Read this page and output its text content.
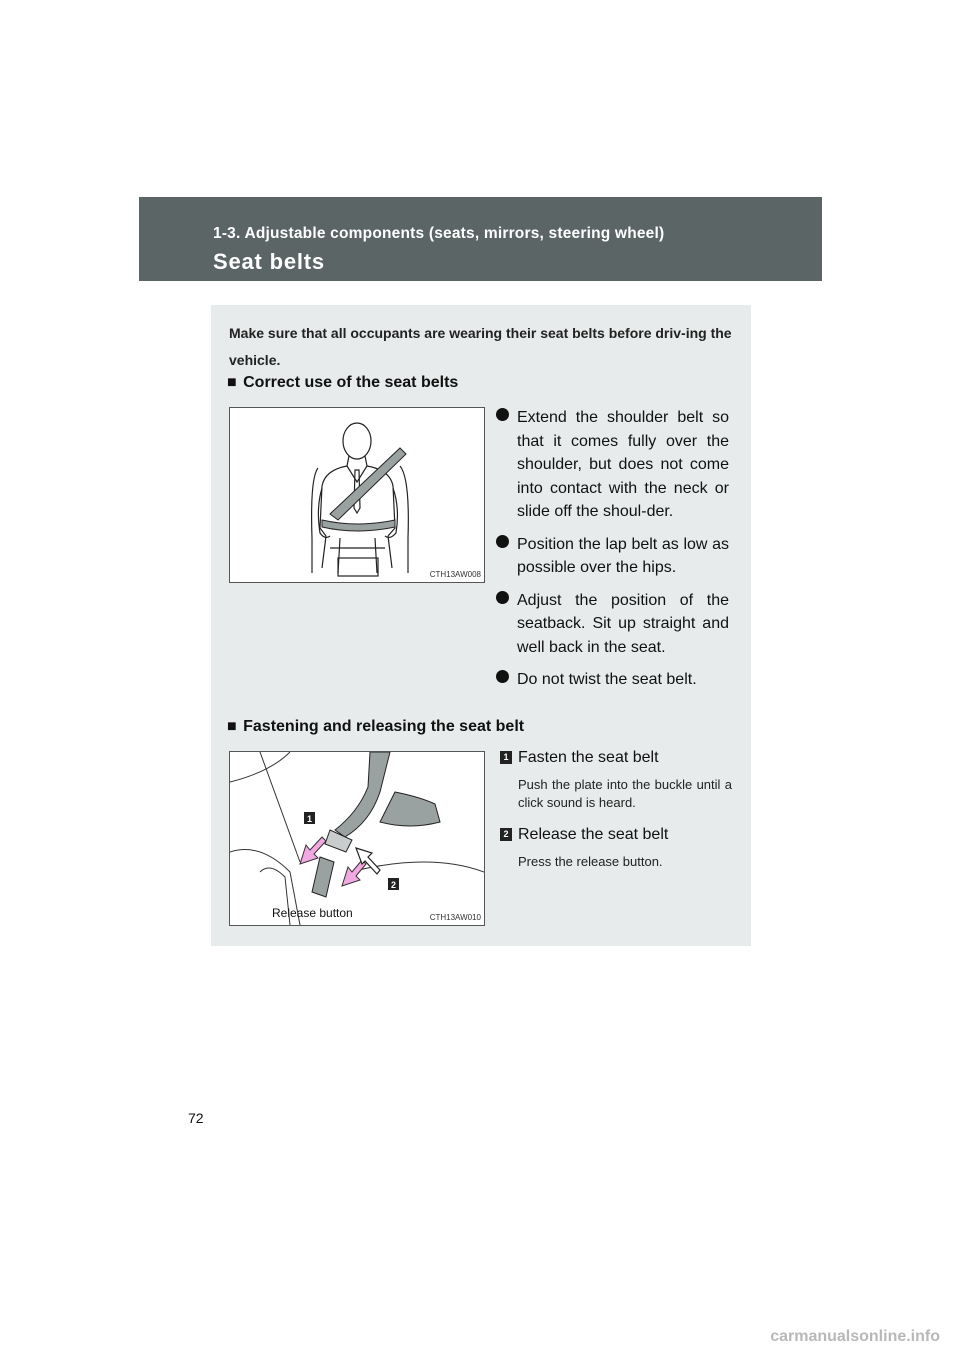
1-3. Adjustable components (seats, mirrors, steering wheel)
Seat belts
Make sure that all occupants are wearing their seat belts before driv-ing the vehicle.
■ Correct use of the seat belts
CTH13AW008
Extend the shoulder belt so that it comes fully over the shoulder, but does not come into contact with the neck or slide off the shoul-der.
Position the lap belt as low as possible over the hips.
Adjust the position of the seatback. Sit up straight and well back in the seat.
Do not twist the seat belt.
■ Fastening and releasing the seat belt
1
2
Release button	CTH13AW010
1 Fasten the seat belt
Push the plate into the buckle until a click sound is heard.
2 Release the seat belt
Press the release button.
72
carmanualsonline.info
